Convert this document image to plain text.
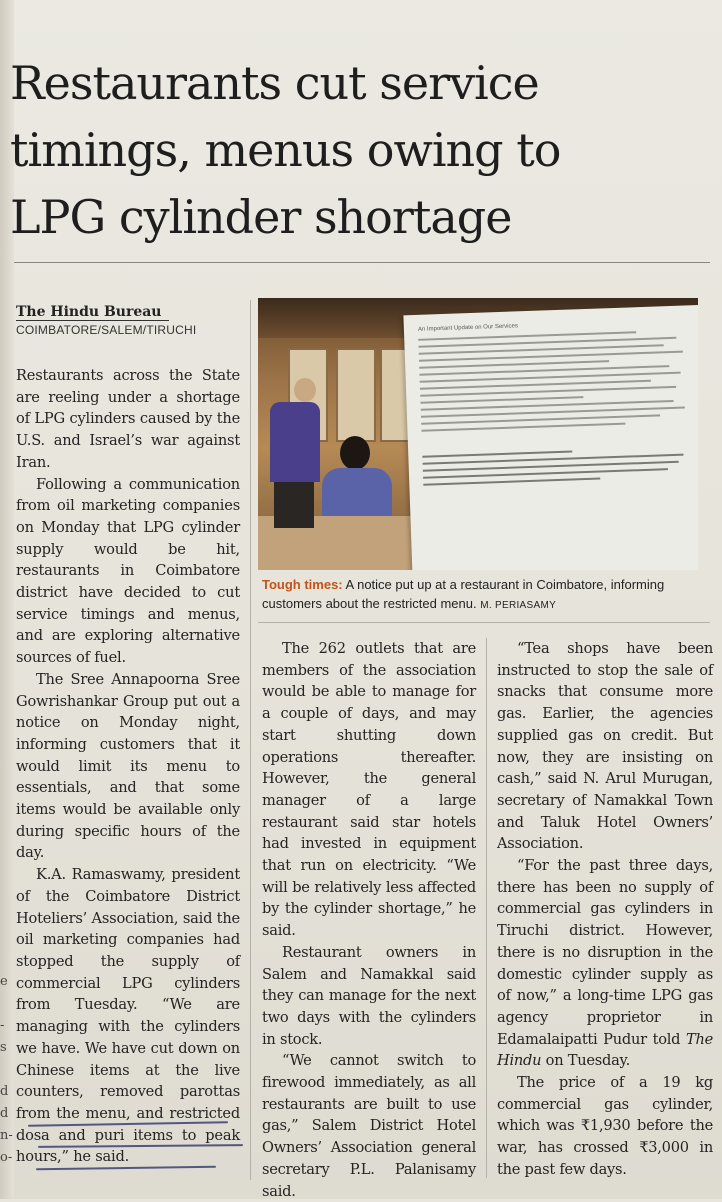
Restaurants cut service
timings, menus owing to
LPG cylinder shortage
The Hindu Bureau
COIMBATORE/SALEM/TIRUCHI	An Important Update on Our Services
Tough times: A notice put up at a restaurant in Coimbatore, informing customers about the restricted menu. M. PERIASAMY

Restaurants across the State are reeling under a shortage of LPG cylinders caused by the U.S. and Israel’s war against Iran.

Following a communication from oil marketing companies on Monday that LPG cylinder supply would be hit, restaurants in Coimbatore district have decided to cut service timings and menus, and are exploring alternative sources of fuel.

The Sree Annapoorna Sree Gowrishankar Group put out a notice on Monday night, informing customers that it would limit its menu to essentials, and that some items would be available only during specific hours of the day.

K.A. Ramaswamy, president of the Coimbatore District Hoteliers’ Association, said the oil marketing companies had stopped the supply of commercial LPG cylinders from Tuesday. “We are managing with the cylinders we have. We have cut down on Chinese items at the live counters, removed parottas from the menu, and restricted dosa and puri items to peak hours,” he said.

The 262 outlets that are members of the association would be able to manage for a couple of days, and may start shutting down operations thereafter. However, the general manager of a large restaurant said star hotels had invested in equipment that run on electricity. “We will be relatively less affected by the cylinder shortage,” he said.

Restaurant owners in Salem and Namakkal said they can manage for the next two days with the cylinders in stock.

“We cannot switch to firewood immediately, as all restaurants are built to use gas,” Salem District Hotel Owners’ Association general secretary P.L. Palanisamy said.

“Tea shops have been instructed to stop the sale of snacks that consume more gas. Earlier, the agencies supplied gas on credit. But now, they are insisting on cash,” said N. Arul Murugan, secretary of Namakkal Town and Taluk Hotel Owners’ Association.

“For the past three days, there has been no supply of commercial gas cylinders in Tiruchi district. However, there is no disruption in the domestic cylinder supply as of now,” a long-time LPG gas agency proprietor in Edamalaipatti Pudur told The Hindu on Tuesday.

The price of a 19 kg commercial gas cylinder, which was ₹1,930 before the war, has crossed ₹3,000 in the past few days.

e
-
s
d
d
n-
o-
